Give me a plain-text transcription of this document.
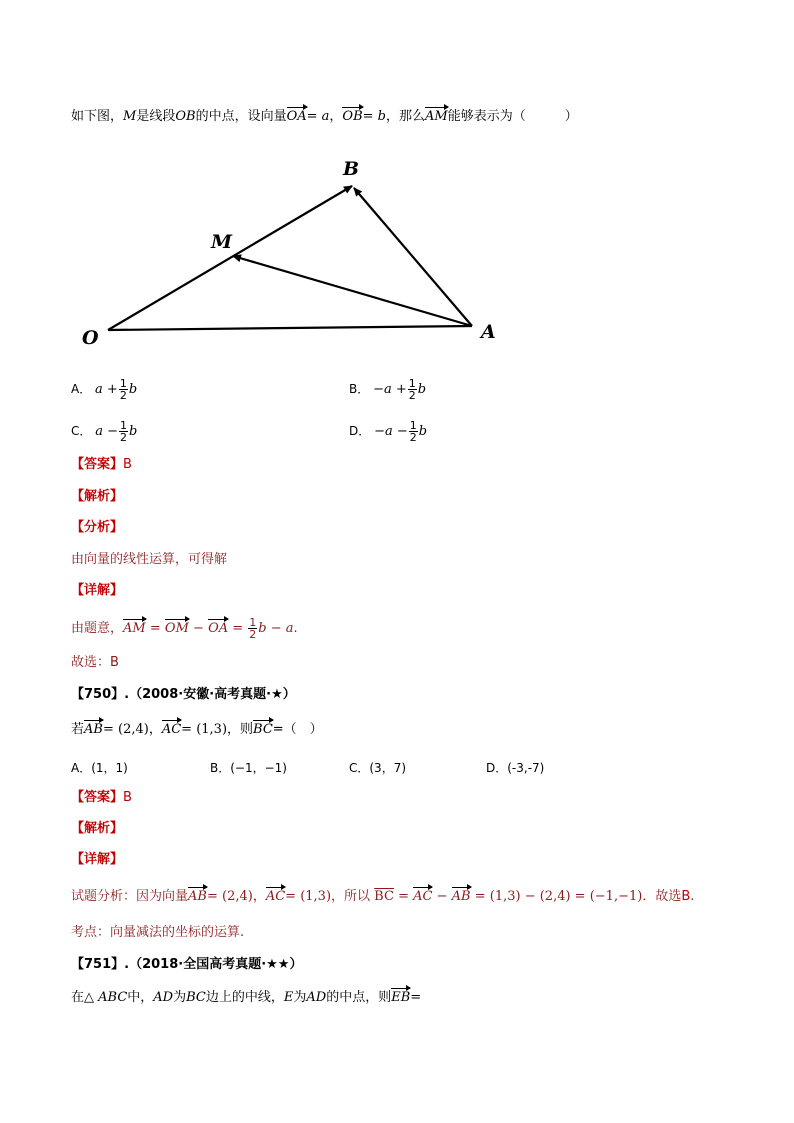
如下图，M是线段OB的中点，设向量OA= a，OB= b，那么AM能够表示为（　　　）
O	A
B
M
A． $a + \frac{1}{2}$ b	B． $-a + \frac{1}{2}$ b
C． $a - \frac{1}{2}$ b	D． $-a - \frac{1}{2}$ b
【答案】B
【解析】
【分析】
由向量的线性运算，可得解
【详解】
由题意，AM = OM − OA = $\frac{1}{2}$ b − a.
故选：B
【750】.（2008·安徽·高考真题·★）
若AB= (2,4)，AC= (1,3)，则BC=（　）
A．(1，1)	B．(−1，−1)	C．(3，7)	D．(-3,-7)
【答案】B
【解析】
【详解】
试题分析：因为向量AB= (2,4)，AC= (1,3)，所以 $\overline{BC}$ = AC − AB = (1,3) − (2,4) = (−1,−1)．故选B.
考点：向量减法的坐标的运算.
【751】.（2018·全国高考真题·★★）
在△ ABC中，AD为BC边上的中线，E为AD的中点，则EB=
